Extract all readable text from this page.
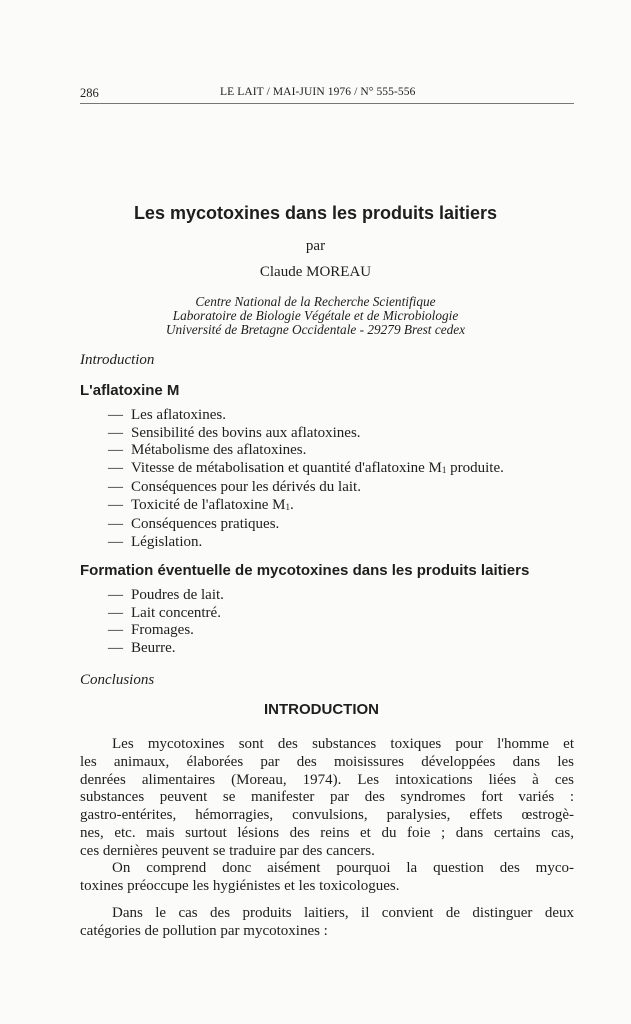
286	LE LAIT / MAI-JUIN 1976 / N° 555-556
Les mycotoxines dans les produits laitiers
par
Claude MOREAU
Centre National de la Recherche Scientifique
Laboratoire de Biologie Végétale et de Microbiologie
Université de Bretagne Occidentale - 29279 Brest cedex
Introduction
L'aflatoxine M
— Les aflatoxines.
— Sensibilité des bovins aux aflatoxines.
— Métabolisme des aflatoxines.
— Vitesse de métabolisation et quantité d'aflatoxine $M_1$ produite.
— Conséquences pour les dérivés du lait.
— Toxicité de l'aflatoxine $M_1$.
— Conséquences pratiques.
— Législation.
Formation éventuelle de mycotoxines dans les produits laitiers
— Poudres de lait.
— Lait concentré.
— Fromages.
— Beurre.
Conclusions
INTRODUCTION
Les mycotoxines sont des substances toxiques pour l'homme et
les animaux, élaborées par des moisissures développées dans les
denrées alimentaires (Moreau, 1974). Les intoxications liées à ces
substances peuvent se manifester par des syndromes fort variés :
gastro-entérites, hémorragies, convulsions, paralysies, effets œstrogè-
nes, etc. mais surtout lésions des reins et du foie ; dans certains cas,
ces dernières peuvent se traduire par des cancers.
On comprend donc aisément pourquoi la question des myco-
toxines préoccupe les hygiénistes et les toxicologues.
Dans le cas des produits laitiers, il convient de distinguer deux
catégories de pollution par mycotoxines :
